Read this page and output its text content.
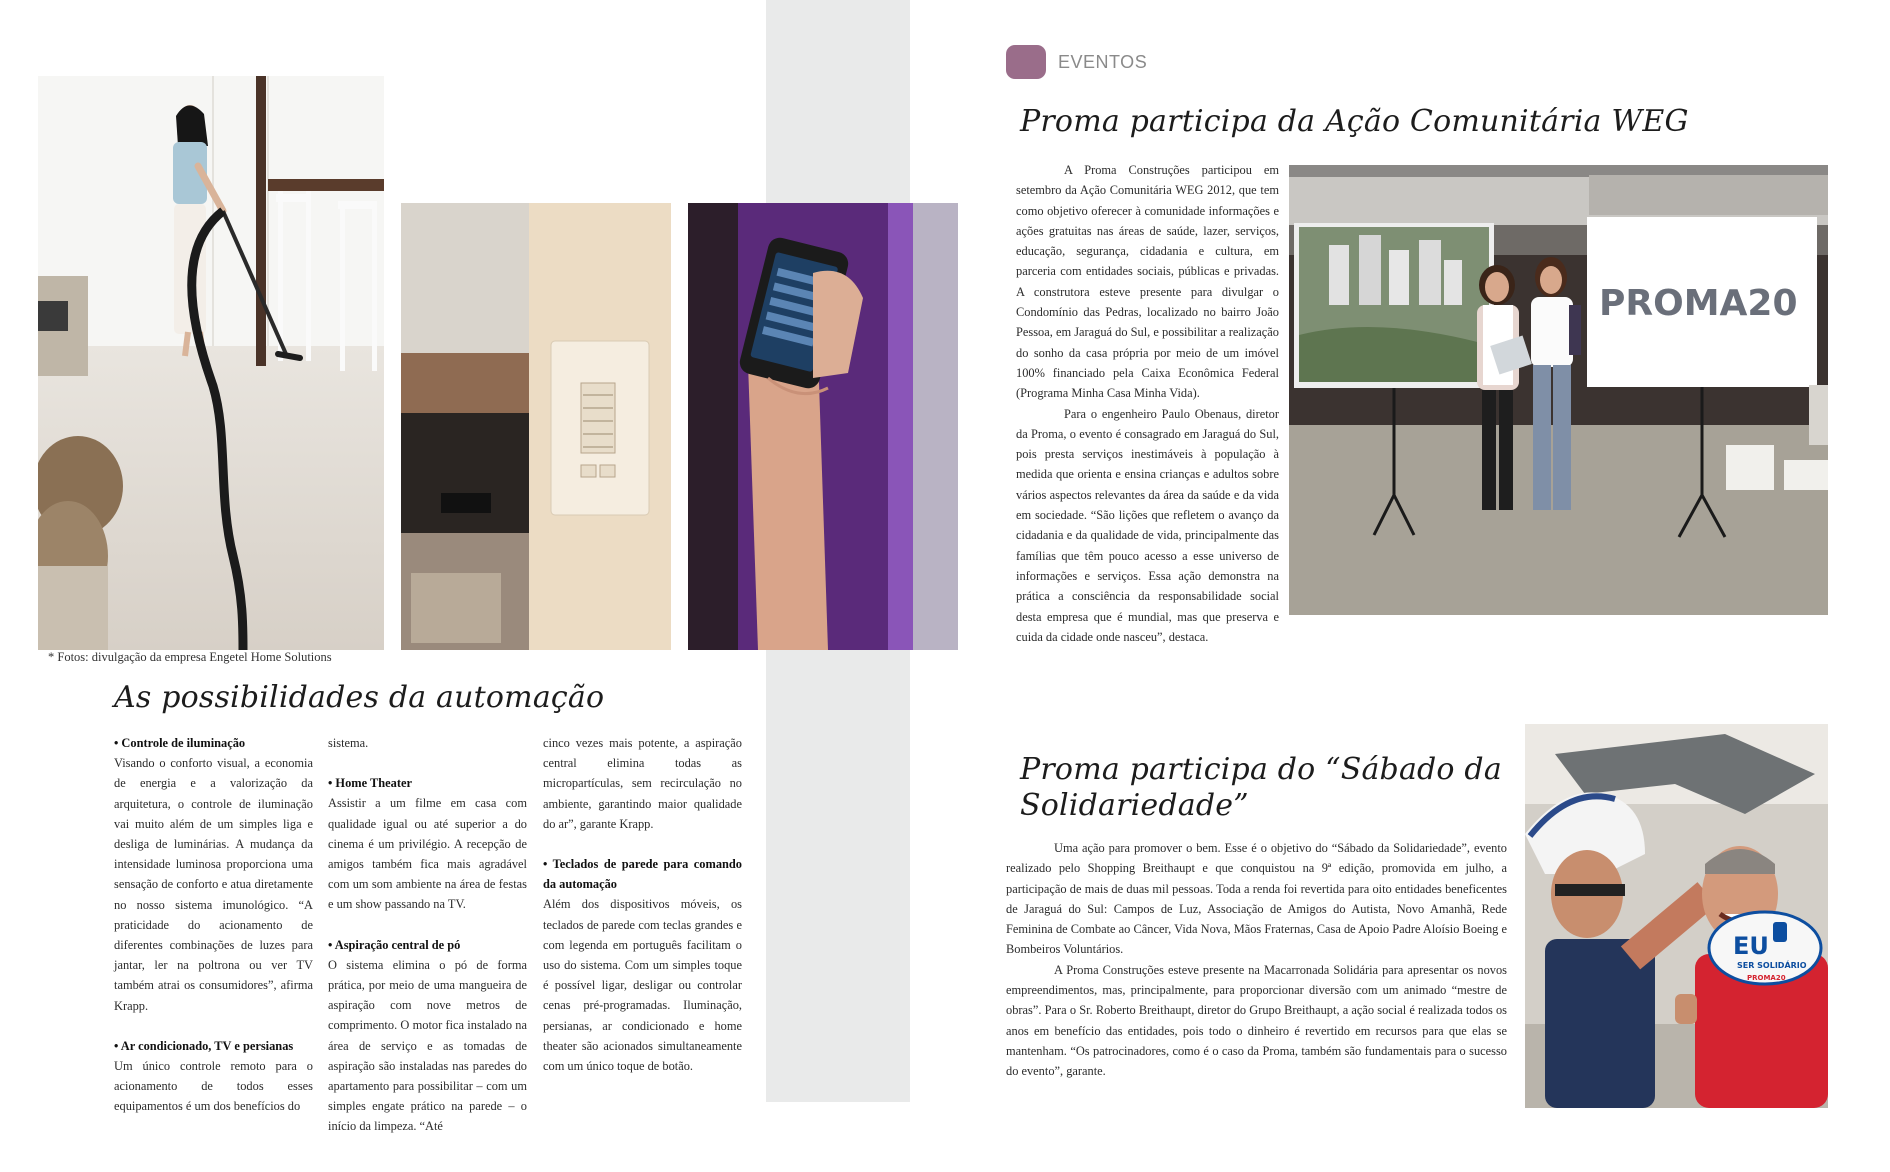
* Fotos: divulgação da empresa Engetel Home Solutions
As possibilidades da automação

• Controle de iluminação

Visando o conforto visual, a economia de energia e a valorização da arquitetura, o controle de iluminação vai muito além de um simples liga e desliga de luminárias. A mudança da intensidade luminosa proporciona uma sensação de conforto e atua diretamente no nosso sistema imunológico. “A praticidade do acionamento de diferentes combinações de luzes para jantar, ler na poltrona ou ver TV também atrai os consumidores”, afirma Krapp.

• Ar condicionado, TV e persianas

Um único controle remoto para o acionamento de todos esses equipamentos é um dos benefícios do

sistema.

• Home Theater

Assistir a um filme em casa com qualidade igual ou até superior a do cinema é um privilégio. A recepção de amigos também fica mais agradável com um som ambiente na área de festas e um show passando na TV.

• Aspiração central de pó

O sistema elimina o pó de forma prática, por meio de uma mangueira de aspiração com nove metros de comprimento. O motor fica instalado na área de serviço e as tomadas de aspiração são instaladas nas paredes do apartamento para possibilitar – com um simples engate prático na parede – o início da limpeza. “Até

cinco vezes mais potente, a aspiração central elimina todas as micropartículas, sem recirculação no ambiente, garantindo maior qualidade do ar”, garante Krapp.

• Teclados de parede para comando da automação

Além dos dispositivos móveis, os teclados de parede com teclas grandes e com legenda em português facilitam o uso do sistema. Com um simples toque é possível ligar, desligar ou controlar cenas pré-programadas. Iluminação, persianas, ar condicionado e home theater são acionados simultaneamente com um único toque de botão.

EVENTOS
Proma participa da Ação Comunitária WEG

A Proma Construções participou em setembro da Ação Comunitária WEG 2012, que tem como objetivo oferecer à comunidade informações e ações gratuitas nas áreas de saúde, lazer, serviços, educação, segurança, cidadania e cultura, em parceria com entidades sociais, públicas e privadas. A construtora esteve presente para divulgar o Condomínio das Pedras, localizado no bairro João Pessoa, em Jaraguá do Sul, e possibilitar a realização do sonho da casa própria por meio de um imóvel 100% financiado pela Caixa Econômica Federal (Programa Minha Casa Minha Vida).

Para o engenheiro Paulo Obenaus, diretor da Proma, o evento é consagrado em Jaraguá do Sul, pois presta serviços inestimáveis à população à medida que orienta e ensina crianças e adultos sobre vários aspectos relevantes da área da saúde e da vida em sociedade. “São lições que refletem o avanço da cidadania e da qualidade de vida, principalmente das famílias que têm pouco acesso a esse universo de informações e serviços. Essa ação demonstra na prática a consciência da responsabilidade social desta empresa que é mundial, mas que preserva e cuida da cidade onde nasceu”, destaca.

PROMA20
Proma participa do “Sábado da
Solidariedade”

Uma ação para promover o bem. Esse é o objetivo do “Sábado da Solidariedade”, evento realizado pelo Shopping Breithaupt e que conquistou na 9ª edição, promovida em julho, a participação de mais de duas mil pessoas. Toda a renda foi revertida para oito entidades beneficentes de Jaraguá do Sul: Campos de Luz, Associação de Amigos do Autista, Novo Amanhã, Rede Feminina de Combate ao Câncer, Vida Nova, Mãos Fraternas, Casa de Apoio Padre Aloísio Boeing e Bombeiros Voluntários.

A Proma Construções esteve presente na Macarronada Solidária para apresentar os novos empreendimentos, mas, principalmente, para proporcionar diversão com um animado “mestre de obras”. Para o Sr. Roberto Breithaupt, diretor do Grupo Breithaupt, a ação social é realizada todos os anos em benefício das entidades, pois todo o dinheiro é revertido em recursos para que elas se mantenham. “Os patrocinadores, como é o caso da Proma, também são fundamentais para o sucesso do evento”, garante.

EU
SER SOLIDÁRIO
PROMA20
